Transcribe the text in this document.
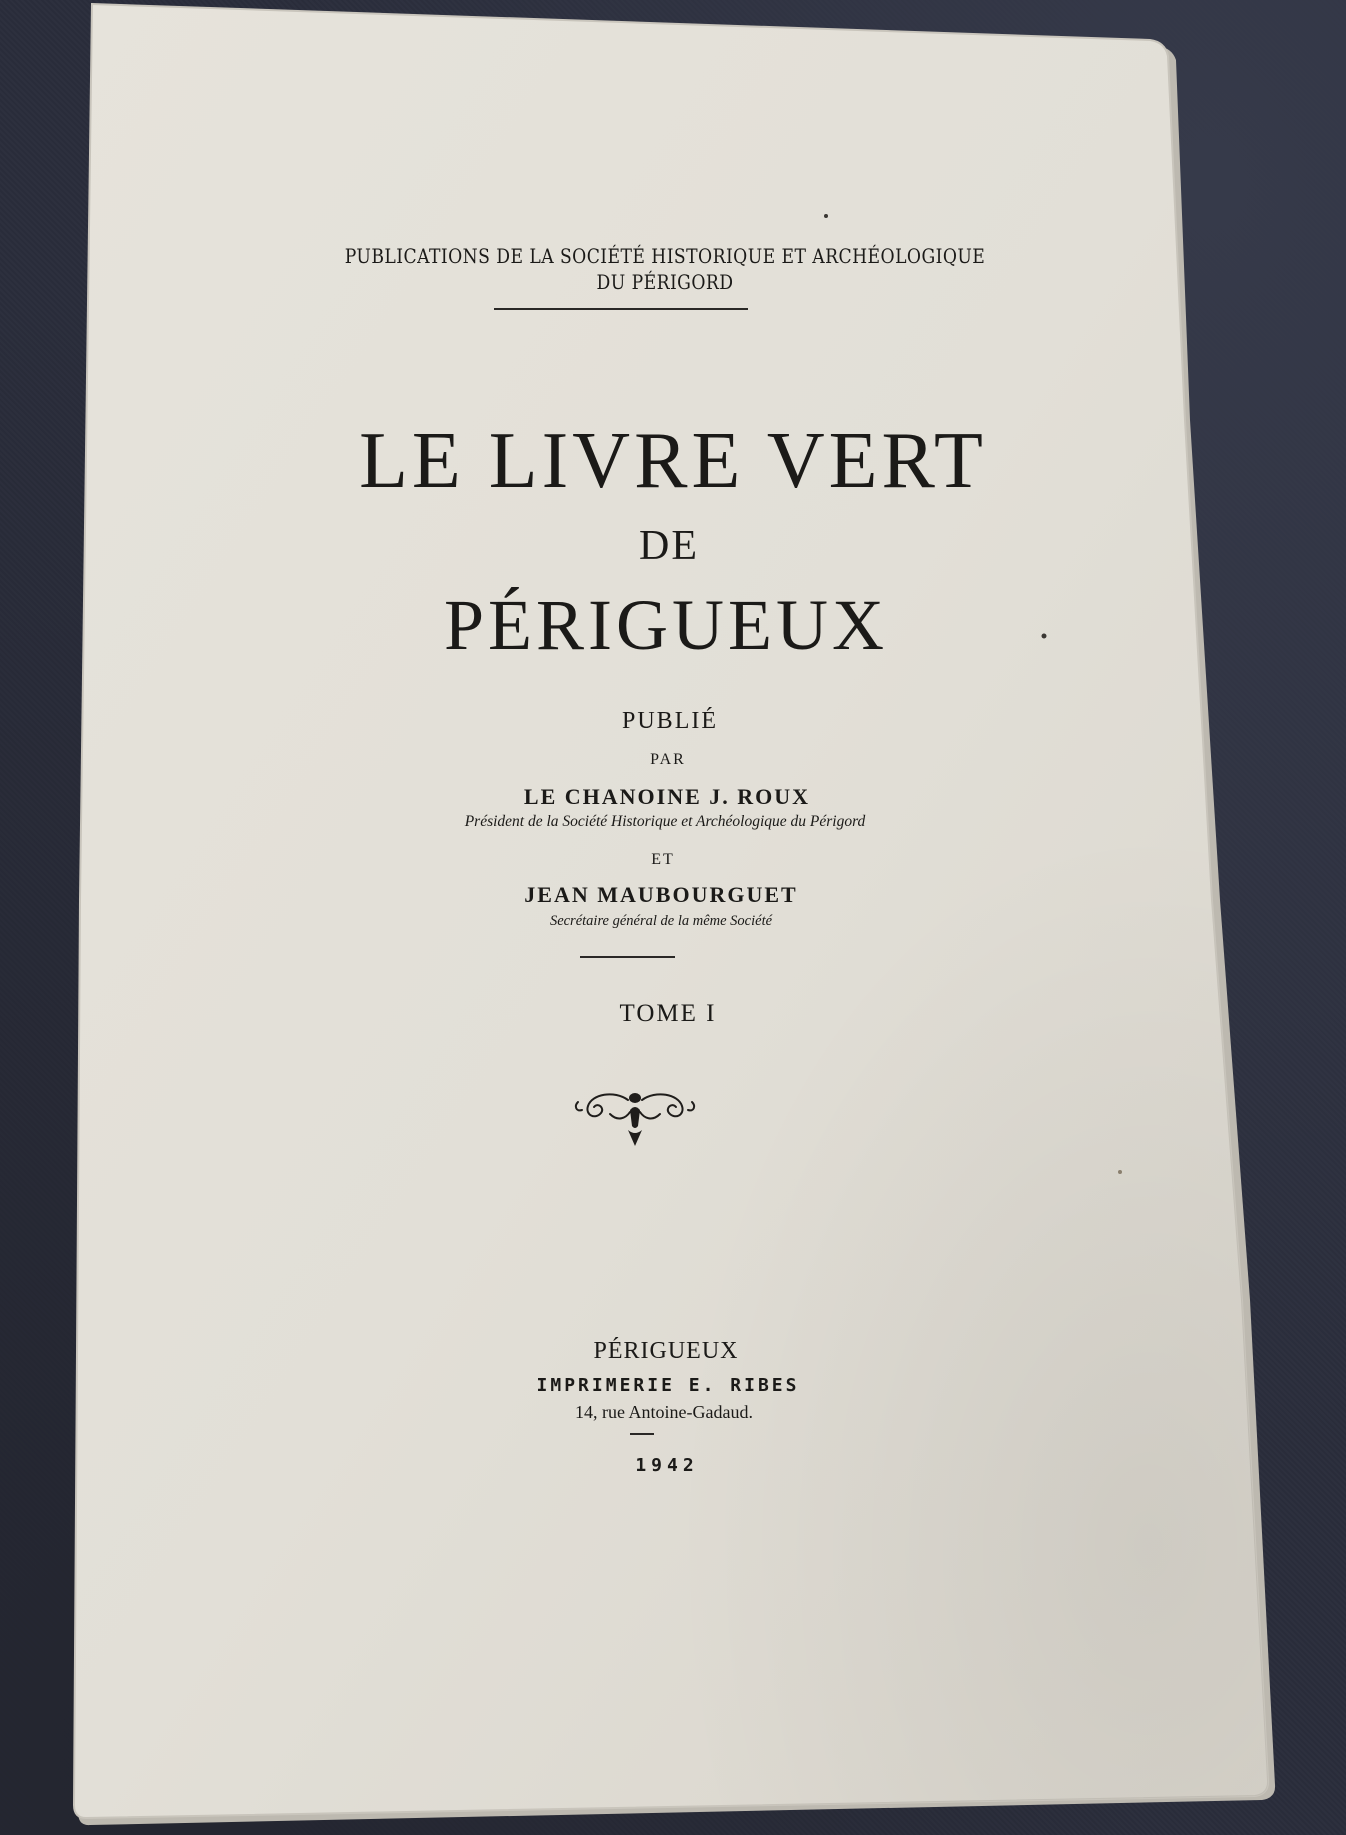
PUBLICATIONS DE LA SOCIÉTÉ HISTORIQUE ET ARCHÉOLOGIQUE
DU PÉRIGORD
LE LIVRE VERT
DE
PÉRIGUEUX
PUBLIÉ
PAR
LE CHANOINE J. ROUX
Président de la Société Historique et Archéologique du Périgord
ET
JEAN MAUBOURGUET
Secrétaire général de la même Société
TOME I
PÉRIGUEUX
IMPRIMERIE E. RIBES
14, rue Antoine-Gadaud.
1942
